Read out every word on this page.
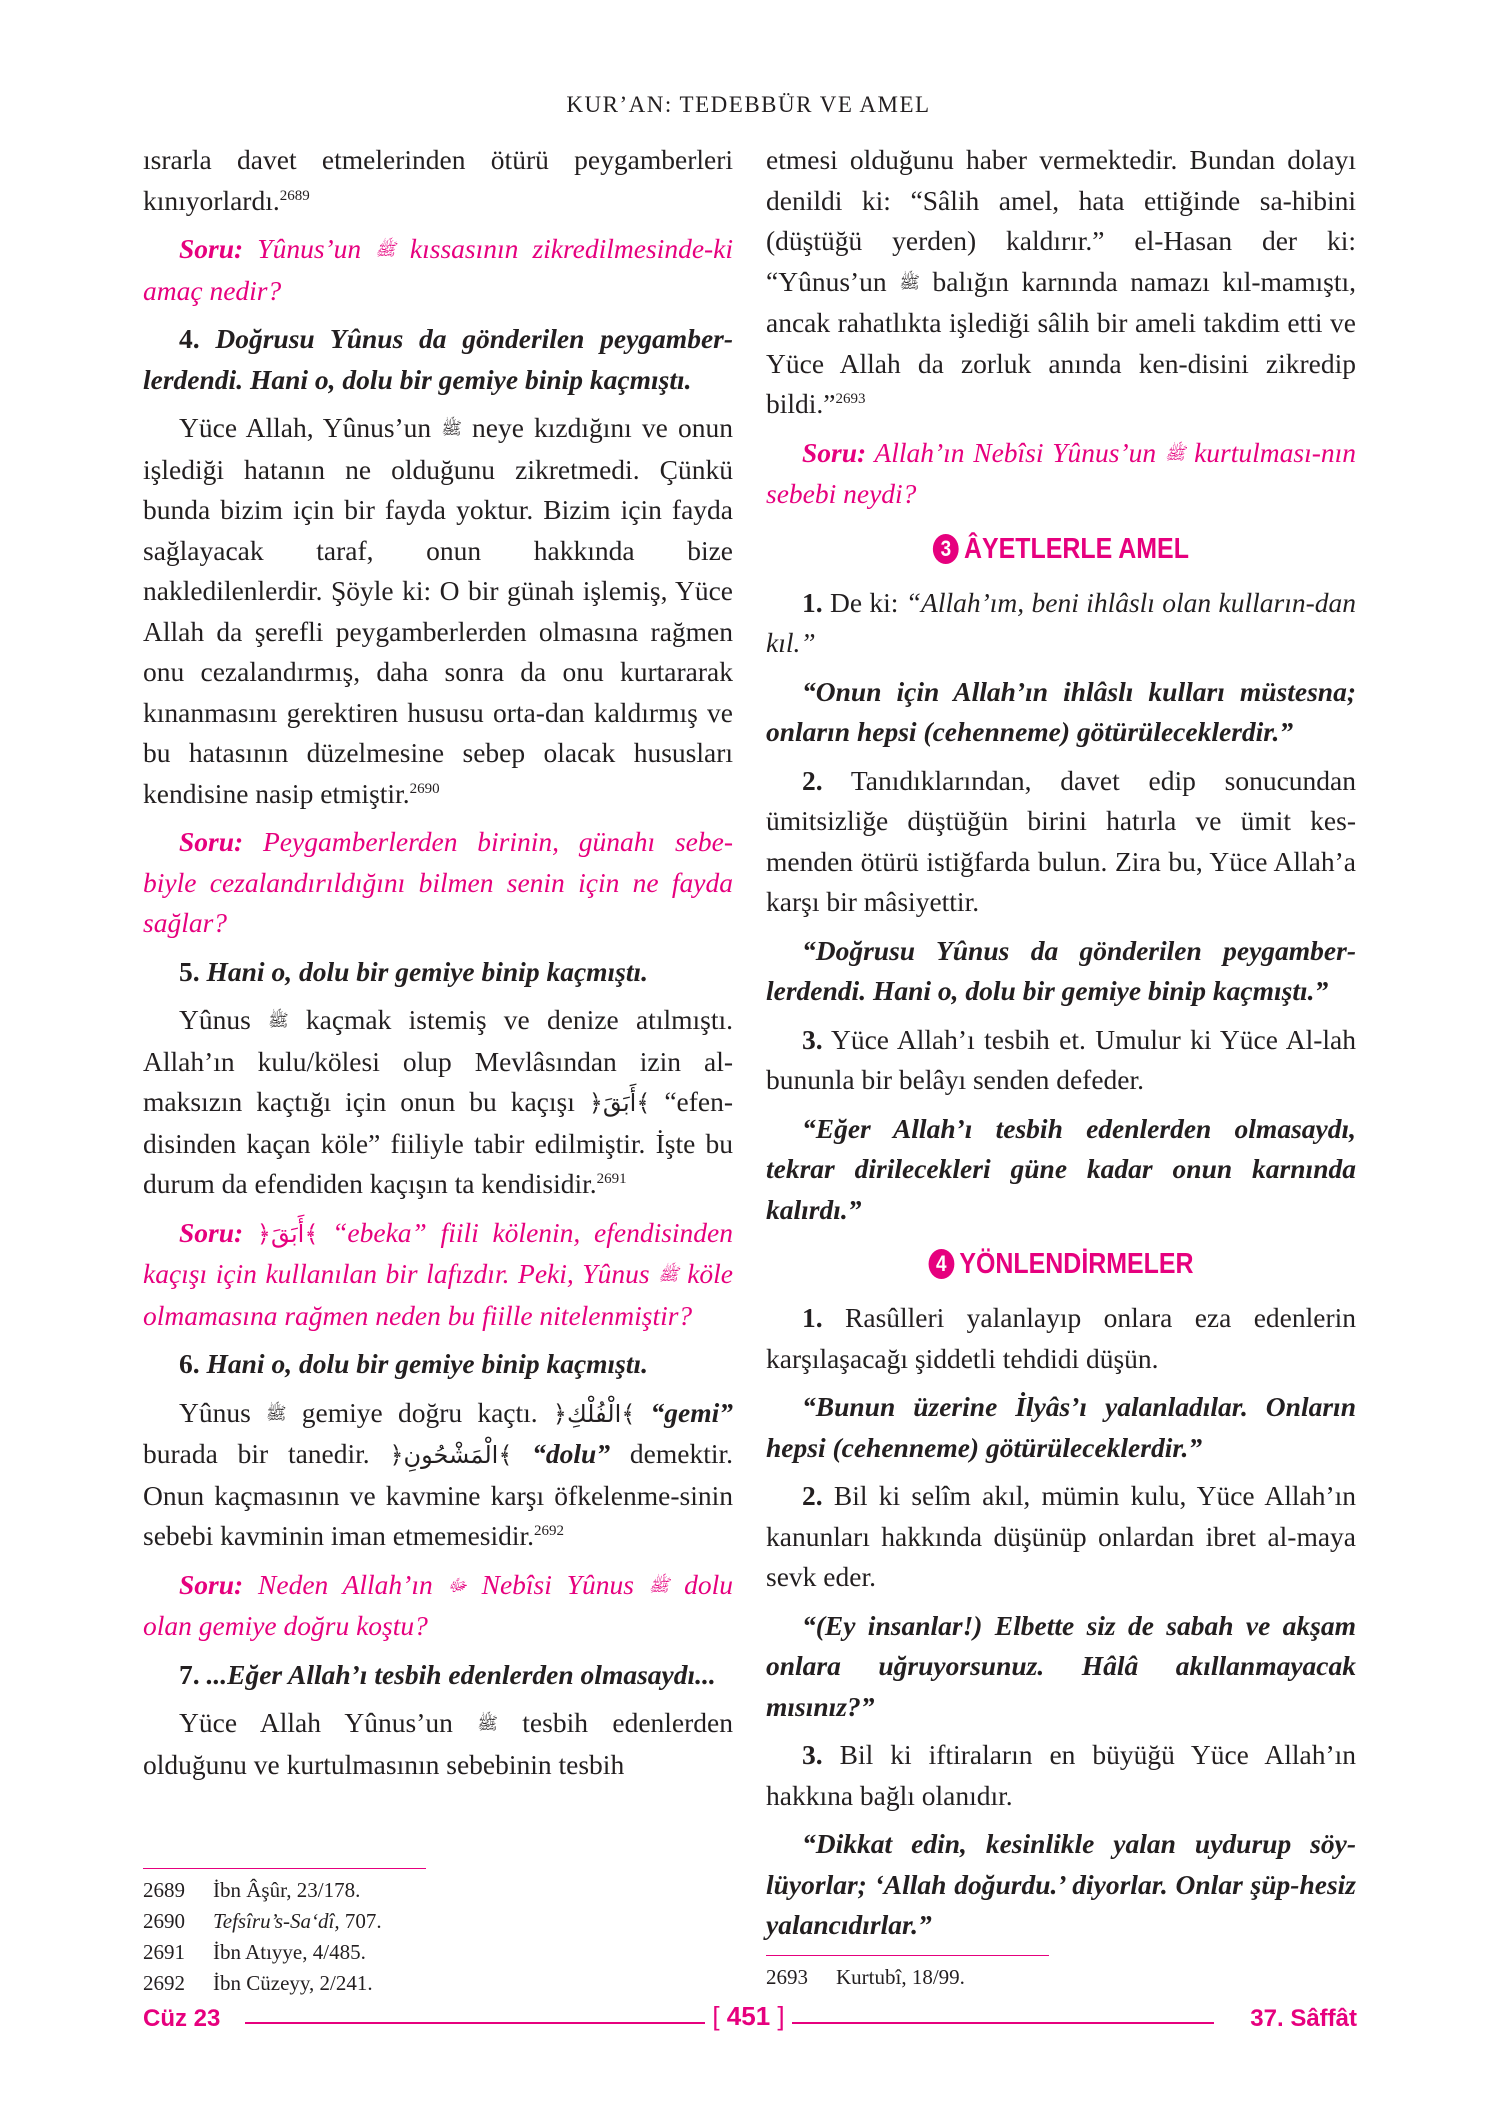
KUR’AN: TEDEBBÜR VE AMEL

ısrarla davet etmelerinden ötürü peygamberleri kınıyorlardı.$^{2689}$

Soru: Yûnus’un ﷺ kıssasının zikredilmesinde-ki amaç nedir?

4. Doğrusu Yûnus da gönderilen peygamber-lerdendi. Hani o, dolu bir gemiye binip kaçmıştı.

Yüce Allah, Yûnus’un ﷺ neye kızdığını ve onun işlediği hatanın ne olduğunu zikretmedi. Çünkü bunda bizim için bir fayda yoktur. Bizim için fayda sağlayacak taraf, onun hakkında bize nakledilenlerdir. Şöyle ki: O bir günah işlemiş, Yüce Allah da şerefli peygamberlerden olmasına rağmen onu cezalandırmış, daha sonra da onu kurtararak kınanmasını gerektiren hususu orta-dan kaldırmış ve bu hatasının düzelmesine sebep olacak hususları kendisine nasip etmiştir.$^{2690}$

Soru: Peygamberlerden birinin, günahı sebe-biyle cezalandırıldığını bilmen senin için ne fayda sağlar?

5. Hani o, dolu bir gemiye binip kaçmıştı.

Yûnus ﷺ kaçmak istemiş ve denize atılmıştı. Allah’ın kulu/kölesi olup Mevlâsından izin al-maksızın kaçtığı için onun bu kaçışı ﴿أَبَقَ﴾ “efen-disinden kaçan köle” fiiliyle tabir edilmiştir. İşte bu durum da efendiden kaçışın ta kendisidir.$^{2691}$

Soru: ﴿أَبَقَ﴾ “ebeka” fiili kölenin, efendisinden kaçışı için kullanılan bir lafızdır. Peki, Yûnus ﷺ köle olmamasına rağmen neden bu fiille nitelenmiştir?

6. Hani o, dolu bir gemiye binip kaçmıştı.

Yûnus ﷺ gemiye doğru kaçtı. ﴿الْفُلْكِ﴾ “gemi” burada bir tanedir. ﴿الْمَشْحُونِ﴾ “dolu” demektir. Onun kaçmasının ve kavmine karşı öfkelenme-sinin sebebi kavminin iman etmemesidir.$^{2692}$

Soru: Neden Allah’ın ﷻ Nebîsi Yûnus ﷺ dolu olan gemiye doğru koştu?

7. ...Eğer Allah’ı tesbih edenlerden olmasaydı...

Yüce Allah Yûnus’un ﷺ tesbih edenlerden olduğunu ve kurtulmasının sebebinin tesbih

2689 İbn Âşûr, 23/178.
2690 Tefsîru’s-Sa‘dî, 707.
2691 İbn Atıyye, 4/485.
2692 İbn Cüzeyy, 2/241.

etmesi olduğunu haber vermektedir. Bundan dolayı denildi ki: “Sâlih amel, hata ettiğinde sa-hibini (düştüğü yerden) kaldırır.” el-Hasan der ki: “Yûnus’un ﷺ balığın karnında namazı kıl-mamıştı, ancak rahatlıkta işlediği sâlih bir ameli takdim etti ve Yüce Allah da zorluk anında ken-disini zikredip bildi.”$^{2693}$

Soru: Allah’ın Nebîsi Yûnus’un ﷺ kurtulması-nın sebebi neydi?

3 ÂYETLERLE AMEL

1. De ki: “Allah’ım, beni ihlâslı olan kulların-dan kıl.”

“Onun için Allah’ın ihlâslı kulları müstesna; onların hepsi (cehenneme) götürüleceklerdir.”

2. Tanıdıklarından, davet edip sonucundan ümitsizliğe düştüğün birini hatırla ve ümit kes-menden ötürü istiğfarda bulun. Zira bu, Yüce Allah’a karşı bir mâsiyettir.

“Doğrusu Yûnus da gönderilen peygamber-lerdendi. Hani o, dolu bir gemiye binip kaçmıştı.”

3. Yüce Allah’ı tesbih et. Umulur ki Yüce Al-lah bununla bir belâyı senden defeder.

“Eğer Allah’ı tesbih edenlerden olmasaydı, tekrar dirilecekleri güne kadar onun karnında kalırdı.”

4 YÖNLENDİRMELER

1. Rasûlleri yalanlayıp onlara eza edenlerin karşılaşacağı şiddetli tehdidi düşün.

“Bunun üzerine İlyâs’ı yalanladılar. Onların hepsi (cehenneme) götürüleceklerdir.”

2. Bil ki selîm akıl, mümin kulu, Yüce Allah’ın kanunları hakkında düşünüp onlardan ibret al-maya sevk eder.

“(Ey insanlar!) Elbette siz de sabah ve akşam onlara uğruyorsunuz. Hâlâ akıllanmayacak mısınız?”

3. Bil ki iftiraların en büyüğü Yüce Allah’ın hakkına bağlı olanıdır.

“Dikkat edin, kesinlikle yalan uydurup söy-lüyorlar; ‘Allah doğurdu.’ diyorlar. Onlar şüp-hesiz yalancıdırlar.”

2693 Kurtubî, 18/99.
Cüz 23	[ 451 ]	37. Sâffât
